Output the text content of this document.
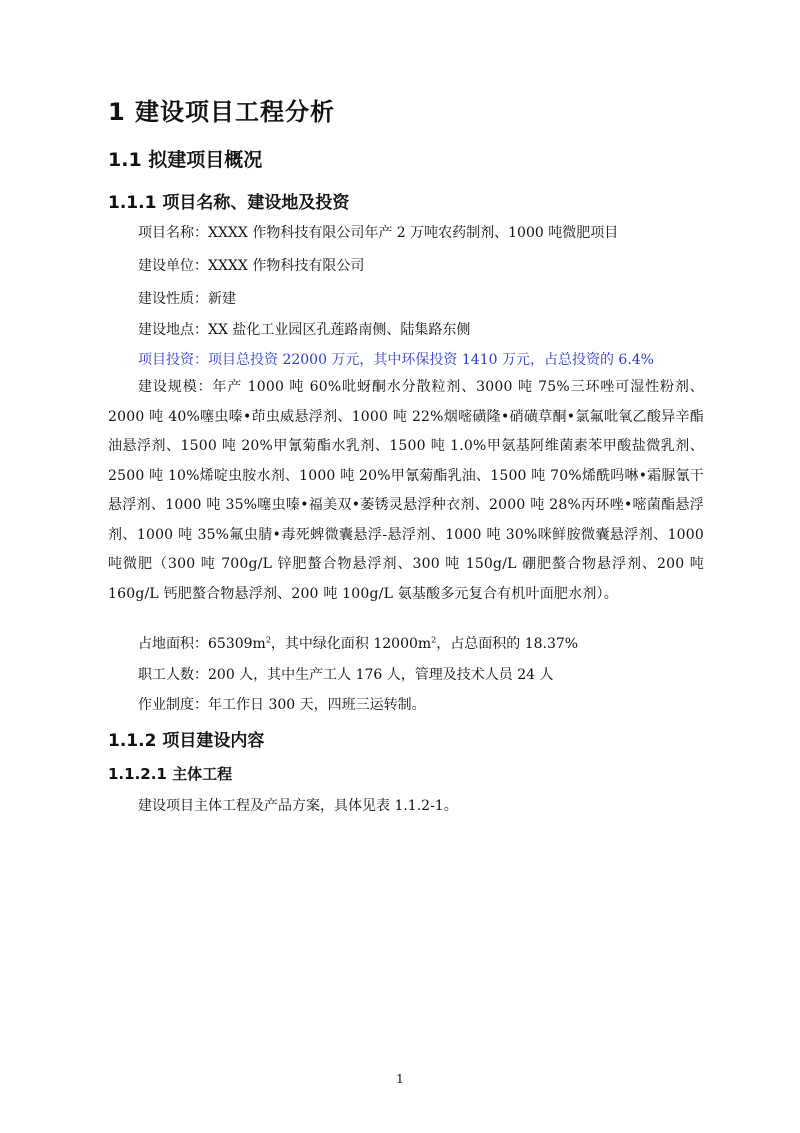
1 建设项目工程分析
1.1 拟建项目概况
1.1.1 项目名称、建设地及投资
项目名称：XXXX 作物科技有限公司年产 2 万吨农药制剂、1000 吨微肥项目
建设单位：XXXX 作物科技有限公司
建设性质：新建
建设地点：XX 盐化工业园区孔莲路南侧、陆集路东侧
项目投资：项目总投资 22000 万元，其中环保投资 1410 万元，占总投资的 6.4%
建设规模：年产 1000 吨 60%吡蚜酮水分散粒剂、3000 吨 75%三环唑可湿性粉剂、2000 吨 40%噻虫嗪•茚虫威悬浮剂、1000 吨 22%烟嘧磺隆•硝磺草酮•氯氟吡氧乙酸异辛酯油悬浮剂、1500 吨 20%甲氰菊酯水乳剂、1500 吨 1.0%甲氨基阿维菌素苯甲酸盐微乳剂、2500 吨 10%烯啶虫胺水剂、1000 吨 20%甲氰菊酯乳油、1500 吨 70%烯酰吗啉•霜脲氰干悬浮剂、1000 吨 35%噻虫嗪•福美双•萎锈灵悬浮种衣剂、2000 吨 28%丙环唑•嘧菌酯悬浮剂、1000 吨 35%氟虫腈•毒死蜱微囊悬浮-悬浮剂、1000 吨 30%咪鲜胺微囊悬浮剂、1000 吨微肥（300 吨 700g/L 锌肥螯合物悬浮剂、300 吨 150g/L 硼肥螯合物悬浮剂、200 吨 160g/L 钙肥螯合物悬浮剂、200 吨 100g/L 氨基酸多元复合有机叶面肥水剂）。
占地面积：$65309m^2$，其中绿化面积 $12000m^2$，占总面积的 18.37%
职工人数：200 人，其中生产工人 176 人，管理及技术人员 24 人
作业制度：年工作日 300 天，四班三运转制。
1.1.2 项目建设内容
1.1.2.1 主体工程
建设项目主体工程及产品方案，具体见表 1.1.2-1。
1
